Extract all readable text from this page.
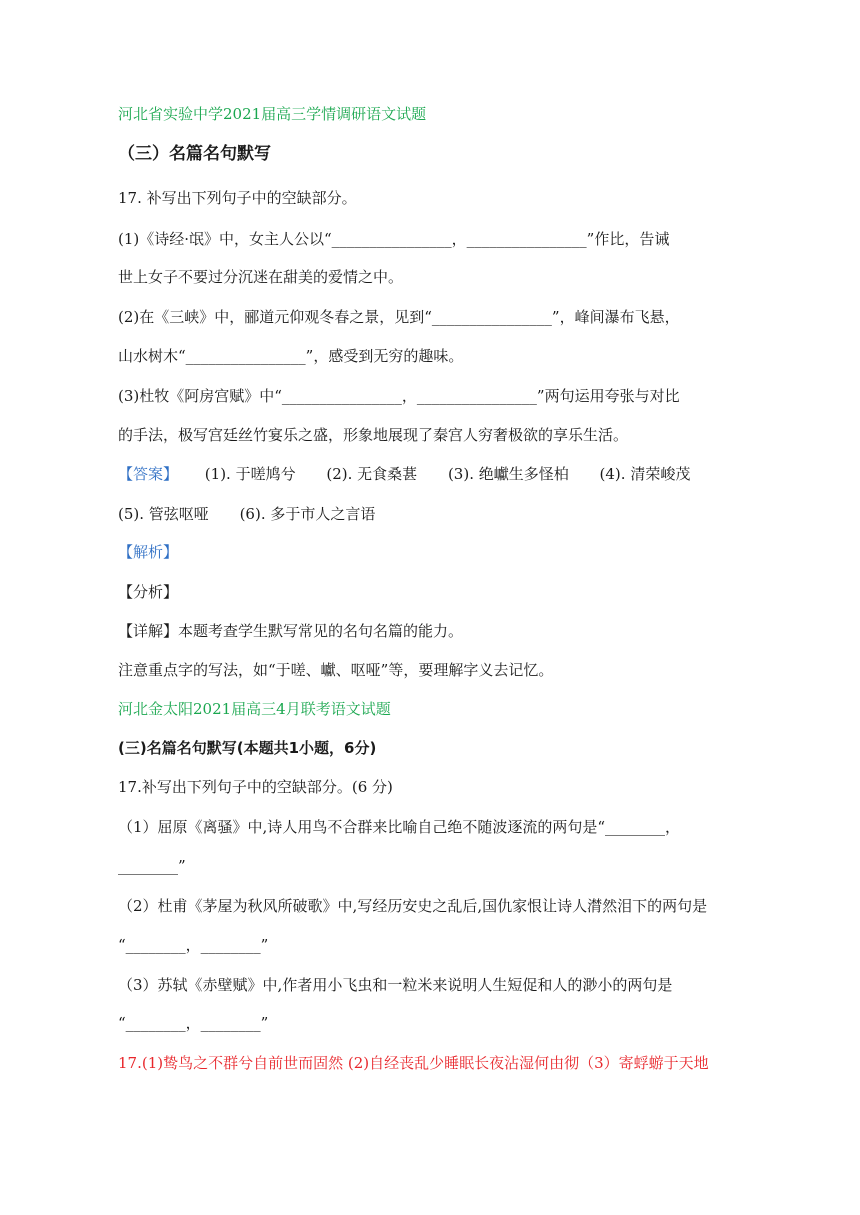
河北省实验中学2021届高三学情调研语文试题
（三）名篇名句默写
17. 补写出下列句子中的空缺部分。
(1)《诗经·氓》中，女主人公以“________________，________________”作比，告诫
世上女子不要过分沉迷在甜美的爱情之中。
(2)在《三峡》中，郦道元仰观冬春之景，见到“________________”，峰间瀑布飞悬，
山水树木“________________”，感受到无穷的趣味。
(3)杜牧《阿房宫赋》中“________________，________________”两句运用夸张与对比
的手法，极写宫廷丝竹宴乐之盛，形象地展现了秦宫人穷奢极欲的享乐生活。
【答案】 (1). 于嗟鸠兮 (2). 无食桑葚 (3). 绝巘生多怪柏 (4). 清荣峻茂
(5). 管弦呕哑 (6). 多于市人之言语
【解析】
【分析】
【详解】本题考查学生默写常见的名句名篇的能力。
注意重点字的写法，如“于嗟、巘、呕哑”等，要理解字义去记忆。
河北金太阳2021届高三4月联考语文试题
(三)名篇名句默写(本题共1小题，6分)
17.补写出下列句子中的空缺部分。(6 分)
（1）屈原《离骚》中,诗人用鸟不合群来比喻自己绝不随波逐流的两句是“________，
________”
（2）杜甫《茅屋为秋风所破歌》中,写经历安史之乱后,国仇家恨让诗人潸然泪下的两句是
“________，________”
（3）苏轼《赤壁赋》中,作者用小飞虫和一粒米来说明人生短促和人的渺小的两句是
“________，________”
17.(1)鸷鸟之不群兮自前世而固然 (2)自经丧乱少睡眠长夜沾湿何由彻（3）寄蜉蝣于天地
